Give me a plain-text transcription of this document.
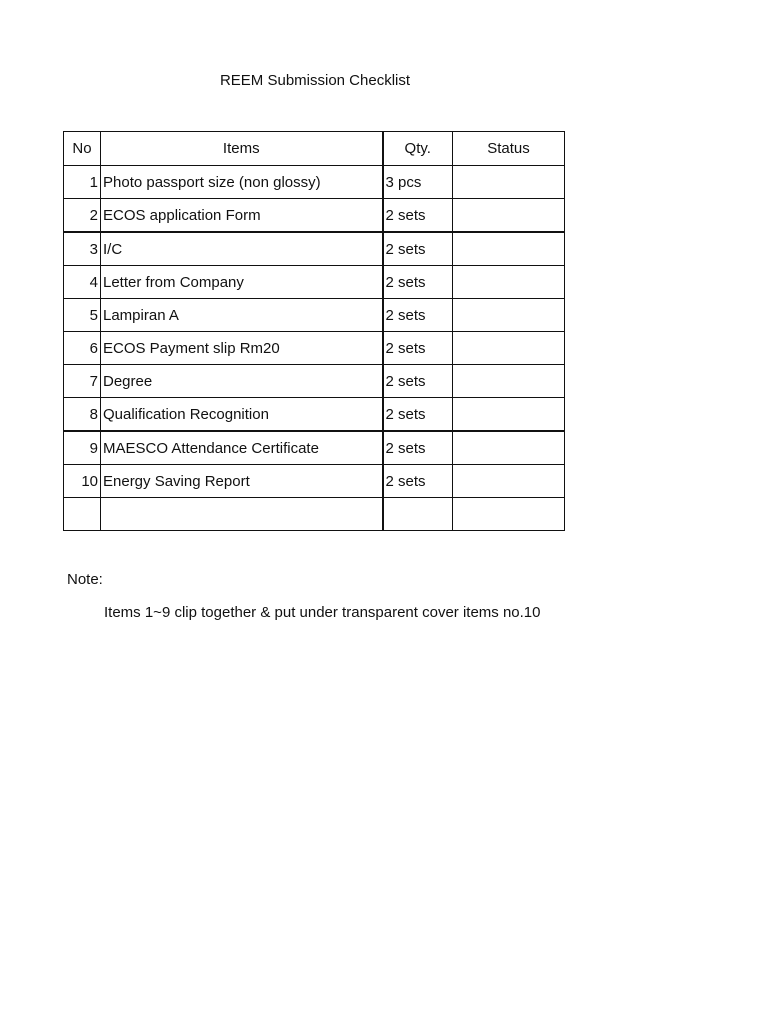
REEM Submission Checklist
No	Items	Qty.	Status
1	Photo passport size (non glossy)	3 pcs	
2	ECOS application Form	2 sets	
3	I/C	2 sets	
4	Letter from Company	2 sets	
5	Lampiran A	2 sets	
6	ECOS Payment slip Rm20	2 sets	
7	Degree	2 sets	
8	Qualification Recognition	2 sets	
9	MAESCO Attendance Certificate	2 sets	
10	Energy Saving Report	2 sets	

Note:
Items 1~9 clip together & put under transparent cover items no.10
